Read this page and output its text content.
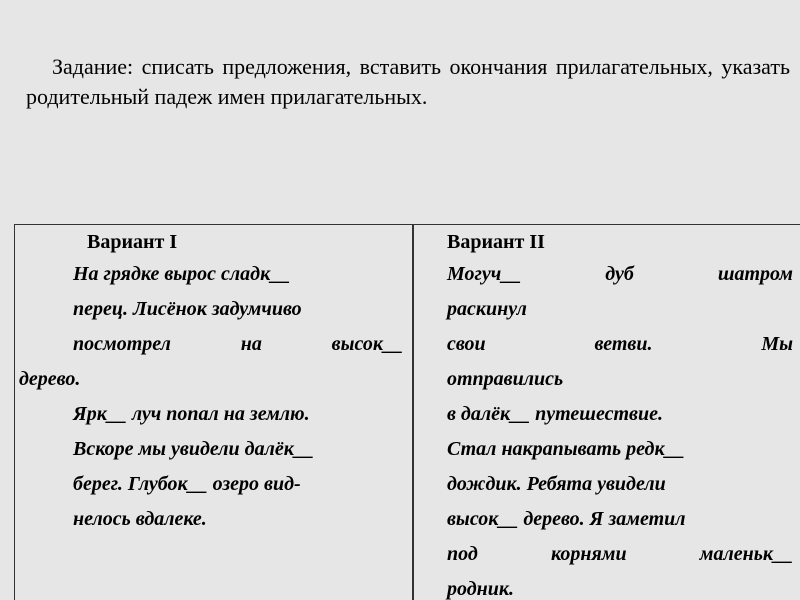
Задание: списать предложения, вставить окончания прилагательных, указать родительный падеж имен прилагательных.
Вариант I
На грядке вырос сладк__
перец. Лисёнок задумчиво
посмотрел	на	высок__
дерево.
Ярк__ луч попал на землю.
Вскоре мы увидели далёк__
берег. Глубок__ озеро вид-
нелось вдалеке.
Вариант II
Могуч__	дуб	шатром
раскинул
свои	ветви.	Мы
отправились
в далёк__ путешествие.
Стал накрапывать редк__
дождик. Ребята увидели
высок__ дерево. Я заметил
под	корнями	маленьк__
родник.
